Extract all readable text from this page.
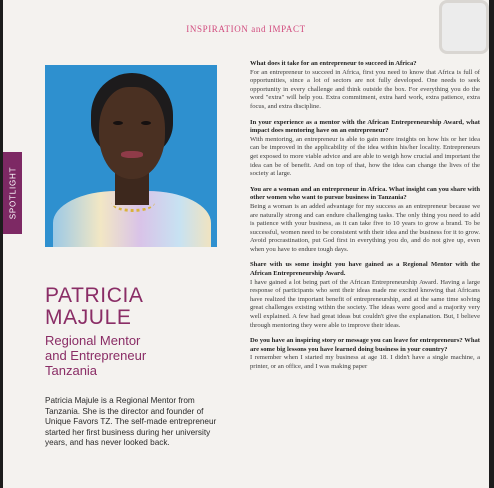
INSPIRATION and IMPACT
SPOTLIGHT
PATRICIA
MAJULE
Regional Mentor
and Entrepreneur
Tanzania
Patricia Majule is a Regional Mentor from Tanzania. She is the director and founder of Unique Favors TZ. The self-made entrepreneur started her first business during her university years, and has never looked back.

What does it take for an entrepreneur to succeed in Africa?

For an entrepreneur to succeed in Africa, first you need to know that Africa is full of opportunities, since a lot of sectors are not fully developed. One needs to seek opportunity in every challenge and think outside the box. For everything you do the word "extra" will help you. Extra commitment, extra hard work, extra patience, extra focus, and extra discipline.

In your experience as a mentor with the African Entrepreneurship Award, what impact does mentoring have on an entrepreneur?

With mentoring, an entrepreneur is able to gain more insights on how his or her idea can be improved in the applicability of the idea within his/her locality. Entrepreneurs get exposed to more viable advice and are able to weigh how crucial and important the idea can be of benefit. And on top of that, how the idea can change the lives of the society at large.

You are a woman and an entrepreneur in Africa. What insight can you share with other women who want to pursue business in Tanzania?

Being a woman is an added advantage for my success as an entrepreneur because we are naturally strong and can endure challenging tasks. The only thing you need to add is patience with your business, as it can take five to 10 years to grow a brand. To be successful, women need to be consistent with their idea and the business for it to grow. Avoid procrastination, put God first in everything you do, and do not give up, even when you have to endure tough days.

Share with us some insight you have gained as a Regional Mentor with the African Entrepreneurship Award.

I have gained a lot being part of the African Entrepreneurship Award. Having a large response of participants who sent their ideas made me excited knowing that Africans have realized the important benefit of entrepreneurship, and at the same time solving great challenges existing within the society. The ideas were good and a majority very well explained. A few had great ideas but couldn't give the explanation. But, I believe through mentoring they were able to improve their ideas.

Do you have an inspiring story or message you can leave for entrepreneurs? What are some big lessons you have learned doing business in your country?

I remember when I started my business at age 18. I didn't have a single machine, a printer, or an office, and I was making paper
